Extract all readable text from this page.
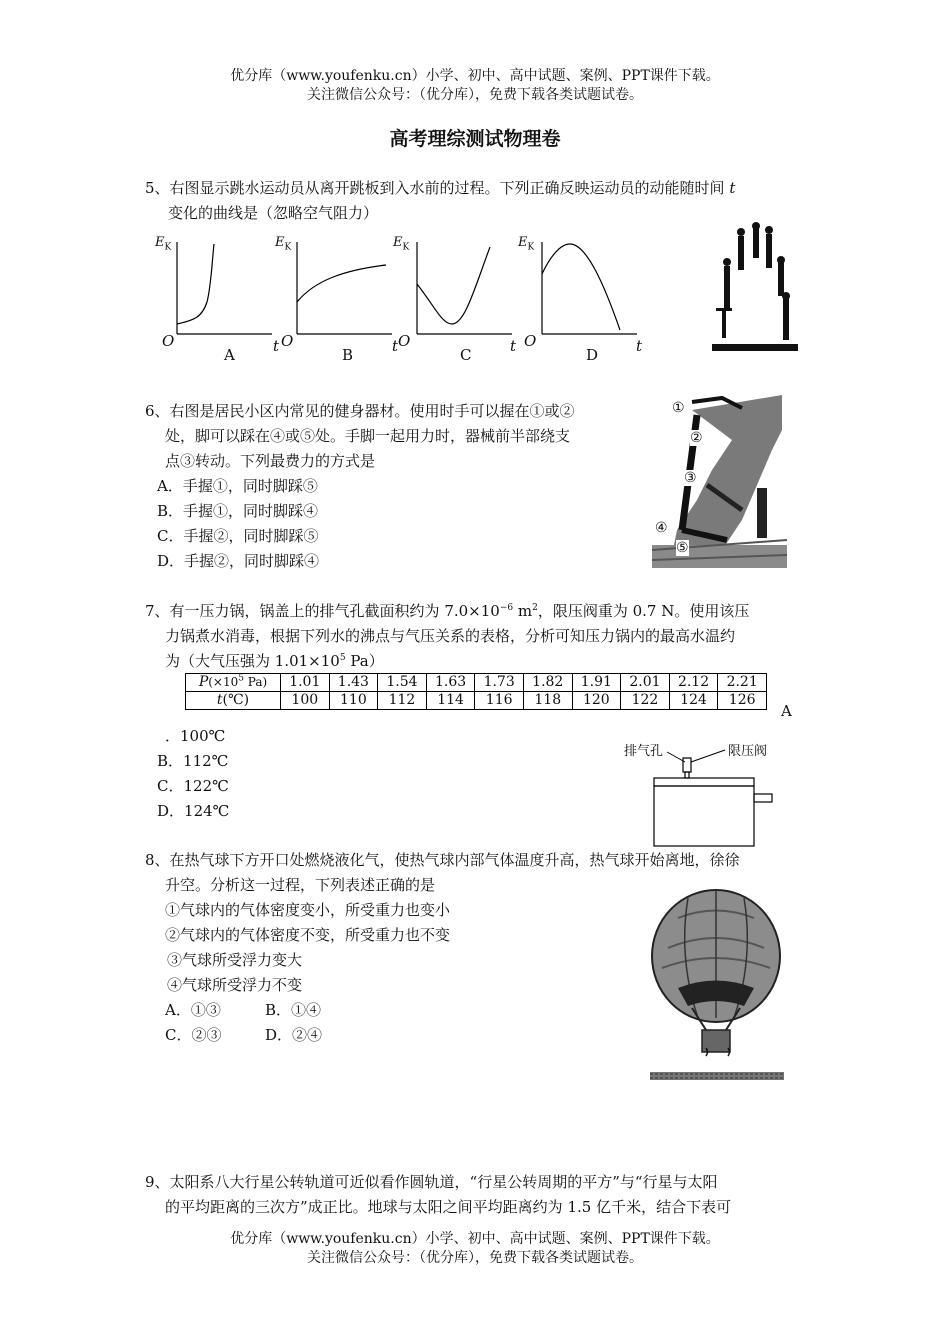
优分库（www.youfenku.cn）小学、初中、高中试题、案例、PPT课件下载。
关注微信公众号：（优分库），免费下载各类试题试卷。
高考理综测试物理卷
5、右图显示跳水运动员从离开跳板到入水前的过程。下列正确反映运动员的动能随时间 t
变化的曲线是（忽略空气阻力）
$E_K$
O	t
A
$E_K$
O	t
B
$E_K$
O	t
C
$E_K$
O	t
D
6、右图是居民小区内常见的健身器材。使用时手可以握在①或②
处，脚可以踩在④或⑤处。手脚一起用力时，器械前半部绕支
点③转动。下列最费力的方式是
A．手握①，同时脚踩⑤
B．手握①，同时脚踩④
C．手握②，同时脚踩⑤
D．手握②，同时脚踩④
①
②
③
④
⑤
7、有一压力锅，锅盖上的排气孔截面积约为 $7.0\times 10^{-6}$ $m^2$，限压阀重为 0.7 N。使用该压
力锅煮水消毒，根据下列水的沸点与气压关系的表格，分析可知压力锅内的最高水温约
为（大气压强为 $1.01\times 10^5$ Pa）
$P(\times 10^5$ Pa)	1.01	1.43	1.54	1.63	1.73	1.82	1.91	2.01	2.12	2.21
t(℃)	100	110	112	114	116	118	120	122	124	126
A
．100℃
B．112℃
C．122℃
D．124℃
排气孔	限压阀
8、在热气球下方开口处燃烧液化气，使热气球内部气体温度升高，热气球开始离地，徐徐
升空。分析这一过程，下列表述正确的是
①气球内的气体密度变小，所受重力也变小
②气球内的气体密度不变，所受重力也不变
③气球所受浮力变大
④气球所受浮力不变
A．①③	B．①④
C．②③	D．②④
9、太阳系八大行星公转轨道可近似看作圆轨道，“行星公转周期的平方”与“行星与太阳
的平均距离的三次方”成正比。地球与太阳之间平均距离约为 1.5 亿千米，结合下表可
优分库（www.youfenku.cn）小学、初中、高中试题、案例、PPT课件下载。
关注微信公众号：（优分库），免费下载各类试题试卷。
